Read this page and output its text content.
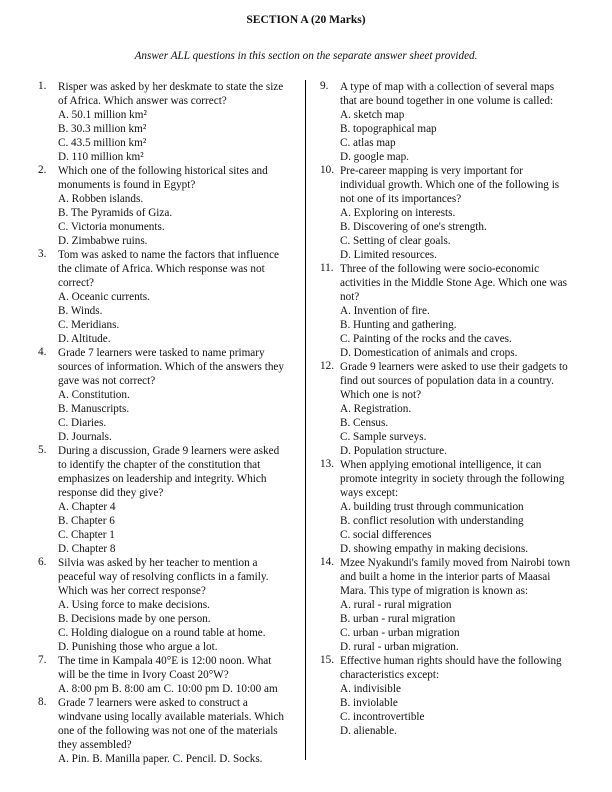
SECTION A (20 Marks)
Answer ALL questions in this section on the separate answer sheet provided.
1. Risper was asked by her deskmate to state the size
of Africa. Which answer was correct?
A. 50.1 million km²
B. 30.3 million km²
C. 43.5 million km²
D. 110 million km²
2. Which one of the following historical sites and
monuments is found in Egypt?
A. Robben islands.
B. The Pyramids of Giza.
C. Victoria monuments.
D. Zimbabwe ruins.
3. Tom was asked to name the factors that influence
the climate of Africa. Which response was not
correct?
A. Oceanic currents.
B. Winds.
C. Meridians.
D. Altitude.
4. Grade 7 learners were tasked to name primary
sources of information. Which of the answers they
gave was not correct?
A. Constitution.
B. Manuscripts.
C. Diaries.
D. Journals.
5. During a discussion, Grade 9 learners were asked
to identify the chapter of the constitution that
emphasizes on leadership and integrity. Which
response did they give?
A. Chapter 4
B. Chapter 6
C. Chapter 1
D. Chapter 8
6. Silvia was asked by her teacher to mention a
peaceful way of resolving conflicts in a family.
Which was her correct response?
A. Using force to make decisions.
B. Decisions made by one person.
C. Holding dialogue on a round table at home.
D. Punishing those who argue a lot.
7. The time in Kampala 40°E is 12:00 noon. What
will be the time in Ivory Coast 20°W?
A. 8:00 pm B. 8:00 am C. 10:00 pm D. 10:00 am
8. Grade 7 learners were asked to construct a
windvane using locally available materials. Which
one of the following was not one of the materials
they assembled?
A. Pin. B. Manilla paper. C. Pencil. D. Socks.
9. A type of map with a collection of several maps
that are bound together in one volume is called:
A. sketch map
B. topographical map
C. atlas map
D. google map.
10. Pre-career mapping is very important for
individual growth. Which one of the following is
not one of its importances?
A. Exploring on interests.
B. Discovering of one's strength.
C. Setting of clear goals.
D. Limited resources.
11. Three of the following were socio-economic
activities in the Middle Stone Age. Which one was
not?
A. Invention of fire.
B. Hunting and gathering.
C. Painting of the rocks and the caves.
D. Domestication of animals and crops.
12. Grade 9 learners were asked to use their gadgets to
find out sources of population data in a country.
Which one is not?
A. Registration.
B. Census.
C. Sample surveys.
D. Population structure.
13. When applying emotional intelligence, it can
promote integrity in society through the following
ways except:
A. building trust through communication
B. conflict resolution with understanding
C. social differences
D. showing empathy in making decisions.
14. Mzee Nyakundi's family moved from Nairobi town
and built a home in the interior parts of Maasai
Mara. This type of migration is known as:
A. rural - rural migration
B. urban - rural migration
C. urban - urban migration
D. rural - urban migration.
15. Effective human rights should have the following
characteristics except:
A. indivisible
B. inviolable
C. incontrovertible
D. alienable.
